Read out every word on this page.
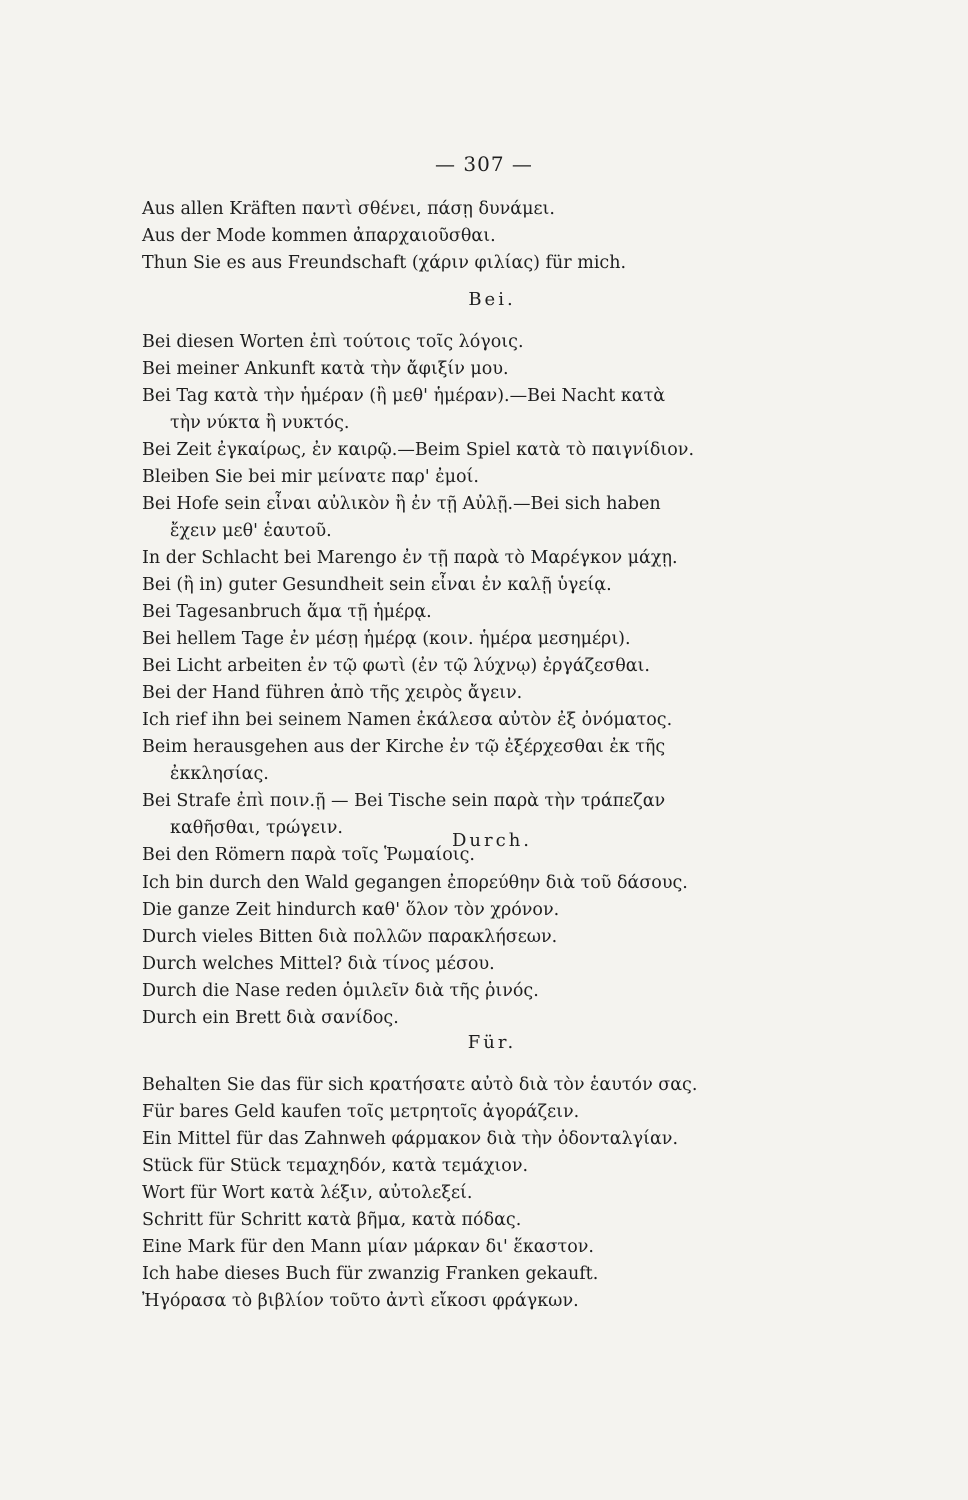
— 307 —
Aus allen Kräften παντὶ σθένει, πάσῃ δυνάμει.
Aus der Mode kommen ἀπαρχαιοῦσθαι.
Thun Sie es aus Freundschaft (χάριν φιλίας) für mich.
Bei.
Bei diesen Worten ἐπὶ τούτοις τοῖς λόγοις.
Bei meiner Ankunft κατὰ τὴν ἄφιξίν μου.
Bei Tag κατὰ τὴν ἡμέραν (ἢ μεθ' ἡμέραν).—Bei Nacht κατὰ
τὴν νύκτα ἢ νυκτός.
Bei Zeit ἐγκαίρως, ἐν καιρῷ.—Beim Spiel κατὰ τὸ παιγνίδιον.
Bleiben Sie bei mir μείνατε παρ' ἐμοί.
Bei Hofe sein εἶναι αὐλικὸν ἢ ἐν τῇ Αὐλῇ.—Bei sich haben
ἔχειν μεθ' ἑαυτοῦ.
In der Schlacht bei Marengo ἐν τῇ παρὰ τὸ Μαρέγκον μάχῃ.
Bei (ἢ in) guter Gesundheit sein εἶναι ἐν καλῇ ὑγείᾳ.
Bei Tagesanbruch ἅμα τῇ ἡμέρᾳ.
Bei hellem Tage ἐν μέσῃ ἡμέρᾳ (κοιν. ἡμέρα μεσημέρι).
Bei Licht arbeiten ἐν τῷ φωτὶ (ἐν τῷ λύχνῳ) ἐργάζεσθαι.
Bei der Hand führen ἀπὸ τῆς χειρὸς ἄγειν.
Ich rief ihn bei seinem Namen ἐκάλεσα αὐτὸν ἐξ ὀνόματος.
Beim herausgehen aus der Kirche ἐν τῷ ἐξέρχεσθαι ἐκ τῆς
ἐκκλησίας.
Bei Strafe ἐπὶ ποιν.ῇ — Bei Tische sein παρὰ τὴν τράπεζαν
καθῆσθαι, τρώγειν.
Bei den Römern παρὰ τοῖς Ῥωμαίοις.
Durch.
Ich bin durch den Wald gegangen ἐπορεύθην διὰ τοῦ δάσους.
Die ganze Zeit hindurch καθ' ὅλον τὸν χρόνον.
Durch vieles Bitten διὰ πολλῶν παρακλήσεων.
Durch welches Mittel? διὰ τίνος μέσου.
Durch die Nase reden ὁμιλεῖν διὰ τῆς ῥινός.
Durch ein Brett διὰ σανίδος.
Für.
Behalten Sie das für sich κρατήσατε αὐτὸ διὰ τὸν ἑαυτόν σας.
Für bares Geld kaufen τοῖς μετρητοῖς ἀγοράζειν.
Ein Mittel für das Zahnweh φάρμακον διὰ τὴν ὀδονταλγίαν.
Stück für Stück τεμαχηδόν, κατὰ τεμάχιον.
Wort für Wort κατὰ λέξιν, αὐτολεξεί.
Schritt für Schritt κατὰ βῆμα, κατὰ πόδας.
Eine Mark für den Mann μίαν μάρκαν δι' ἕκαστον.
Ich habe dieses Buch für zwanzig Franken gekauft.
Ἠγόρασα τὸ βιβλίον τοῦτο ἀντὶ εἴκοσι φράγκων.
